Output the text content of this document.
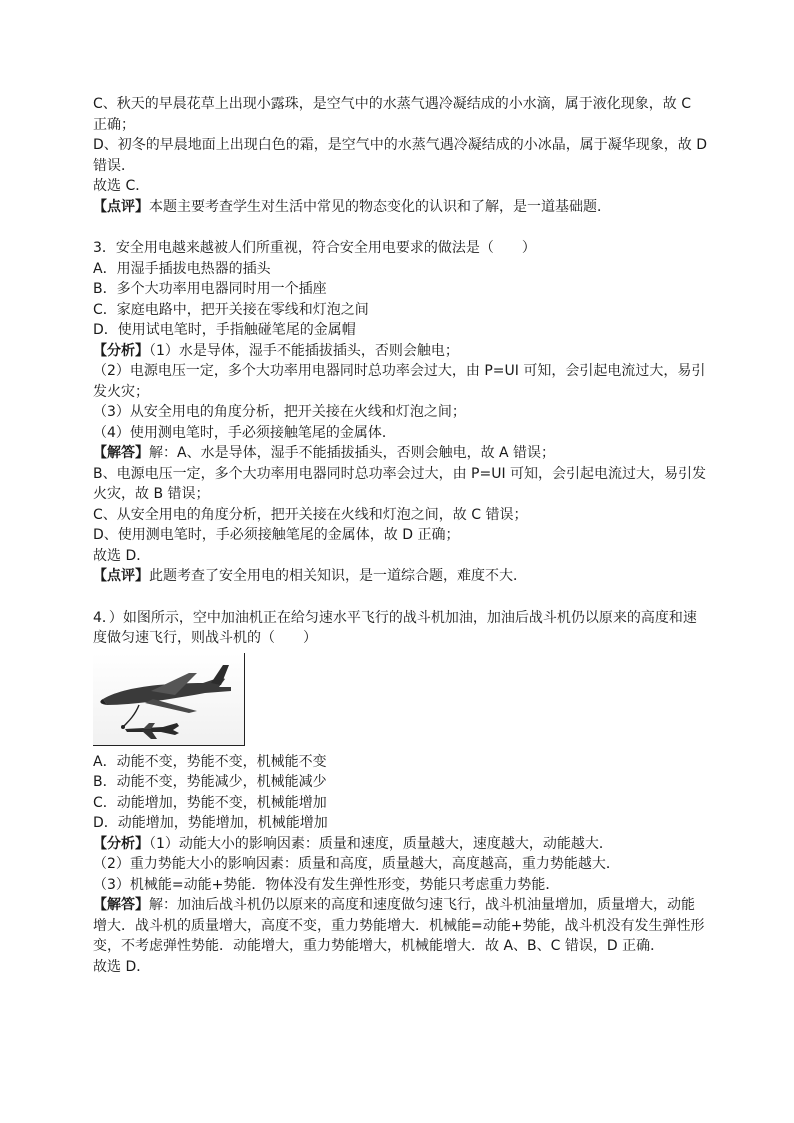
C、秋天的早晨花草上出现小露珠，是空气中的水蒸气遇冷凝结成的小水滴，属于液化现象，故 C
正确；
D、初冬的早晨地面上出现白色的霜，是空气中的水蒸气遇冷凝结成的小冰晶，属于凝华现象，故 D
错误．
故选 C．
【点评】本题主要考查学生对生活中常见的物态变化的认识和了解，是一道基础题．
3．安全用电越来越被人们所重视，符合安全用电要求的做法是（　　）
A．用湿手插拔电热器的插头
B．多个大功率用电器同时用一个插座
C．家庭电路中，把开关接在零线和灯泡之间
D．使用试电笔时，手指触碰笔尾的金属帽
【分析】（1）水是导体，湿手不能插拔插头，否则会触电；
（2）电源电压一定，多个大功率用电器同时总功率会过大，由 P=UI 可知，会引起电流过大，易引
发火灾；
（3）从安全用电的角度分析，把开关接在火线和灯泡之间；
（4）使用测电笔时，手必须接触笔尾的金属体．
【解答】解：A、水是导体，湿手不能插拔插头，否则会触电，故 A 错误；
B、电源电压一定，多个大功率用电器同时总功率会过大，由 P=UI 可知，会引起电流过大，易引发
火灾，故 B 错误；
C、从安全用电的角度分析，把开关接在火线和灯泡之间，故 C 错误；
D、使用测电笔时，手必须接触笔尾的金属体，故 D 正确；
故选 D．
【点评】此题考查了安全用电的相关知识，是一道综合题，难度不大．
4．）如图所示，空中加油机正在给匀速水平飞行的战斗机加油，加油后战斗机仍以原来的高度和速
度做匀速飞行，则战斗机的（　　）
A．动能不变，势能不变，机械能不变
B．动能不变，势能减少，机械能减少
C．动能增加，势能不变，机械能增加
D．动能增加，势能增加，机械能增加
【分析】（1）动能大小的影响因素：质量和速度，质量越大，速度越大，动能越大．
（2）重力势能大小的影响因素：质量和高度，质量越大，高度越高，重力势能越大．
（3）机械能=动能+势能．物体没有发生弹性形变，势能只考虑重力势能．
【解答】解：加油后战斗机仍以原来的高度和速度做匀速飞行，战斗机油量增加，质量增大，动能
增大．战斗机的质量增大，高度不变，重力势能增大．机械能=动能+势能，战斗机没有发生弹性形
变，不考虑弹性势能．动能增大，重力势能增大，机械能增大．故 A、B、C 错误，D 正确．
故选 D．
